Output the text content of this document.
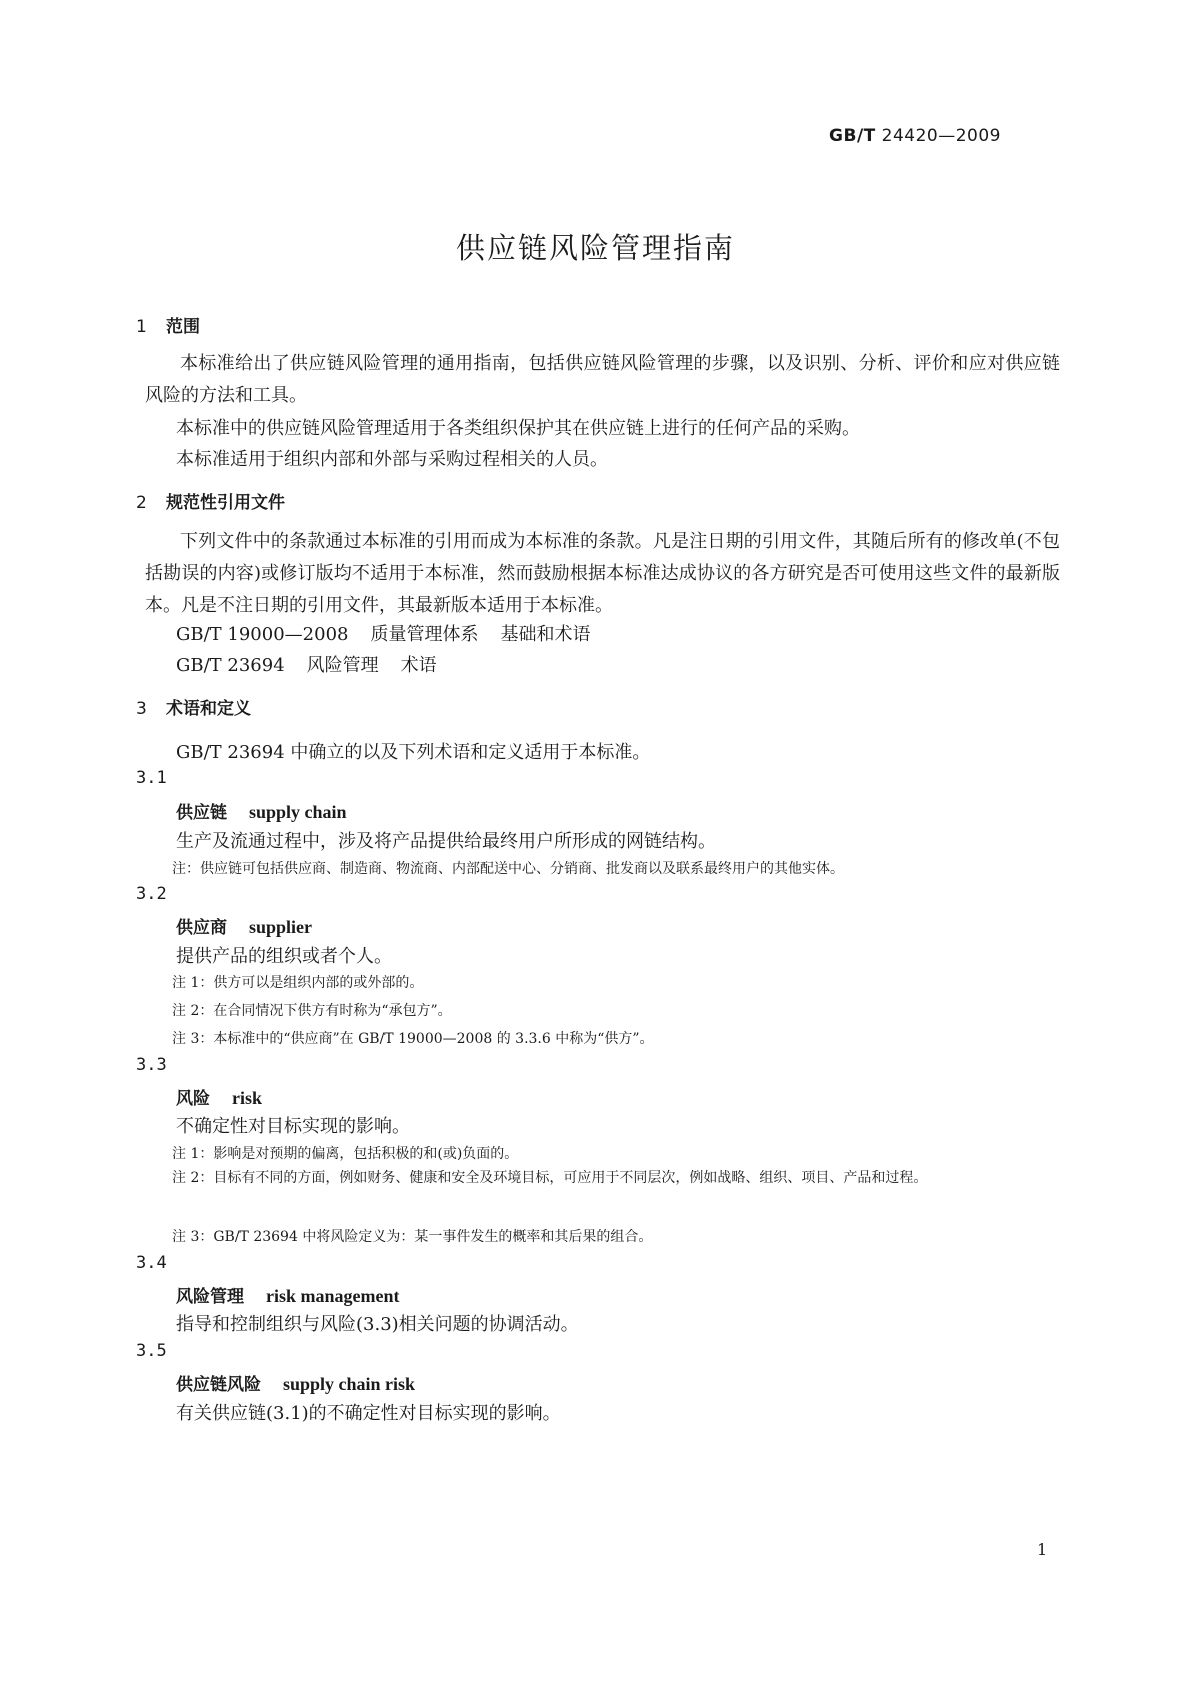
GB/T 24420—2009
供应链风险管理指南
1 范围
本标准给出了供应链风险管理的通用指南，包括供应链风险管理的步骤，以及识别、分析、评价和应对供应链风险的方法和工具。
本标准中的供应链风险管理适用于各类组织保护其在供应链上进行的任何产品的采购。
本标准适用于组织内部和外部与采购过程相关的人员。
2 规范性引用文件
下列文件中的条款通过本标准的引用而成为本标准的条款。凡是注日期的引用文件，其随后所有的修改单(不包括勘误的内容)或修订版均不适用于本标准，然而鼓励根据本标准达成协议的各方研究是否可使用这些文件的最新版本。凡是不注日期的引用文件，其最新版本适用于本标准。
GB/T 19000—2008 质量管理体系 基础和术语
GB/T 23694 风险管理 术语
3 术语和定义
GB/T 23694 中确立的以及下列术语和定义适用于本标准。
3.1
供应链 supply chain
生产及流通过程中，涉及将产品提供给最终用户所形成的网链结构。
注：供应链可包括供应商、制造商、物流商、内部配送中心、分销商、批发商以及联系最终用户的其他实体。
3.2
供应商 supplier
提供产品的组织或者个人。
注 1：供方可以是组织内部的或外部的。
注 2：在合同情况下供方有时称为“承包方”。
注 3：本标准中的“供应商”在 GB/T 19000—2008 的 3.3.6 中称为“供方”。
3.3
风险 risk
不确定性对目标实现的影响。
注 1：影响是对预期的偏离，包括积极的和(或)负面的。
注 2：目标有不同的方面，例如财务、健康和安全及环境目标，可应用于不同层次，例如战略、组织、项目、产品和过程。
注 3：GB/T 23694 中将风险定义为：某一事件发生的概率和其后果的组合。
3.4
风险管理 risk management
指导和控制组织与风险(3.3)相关问题的协调活动。
3.5
供应链风险 supply chain risk
有关供应链(3.1)的不确定性对目标实现的影响。
1
